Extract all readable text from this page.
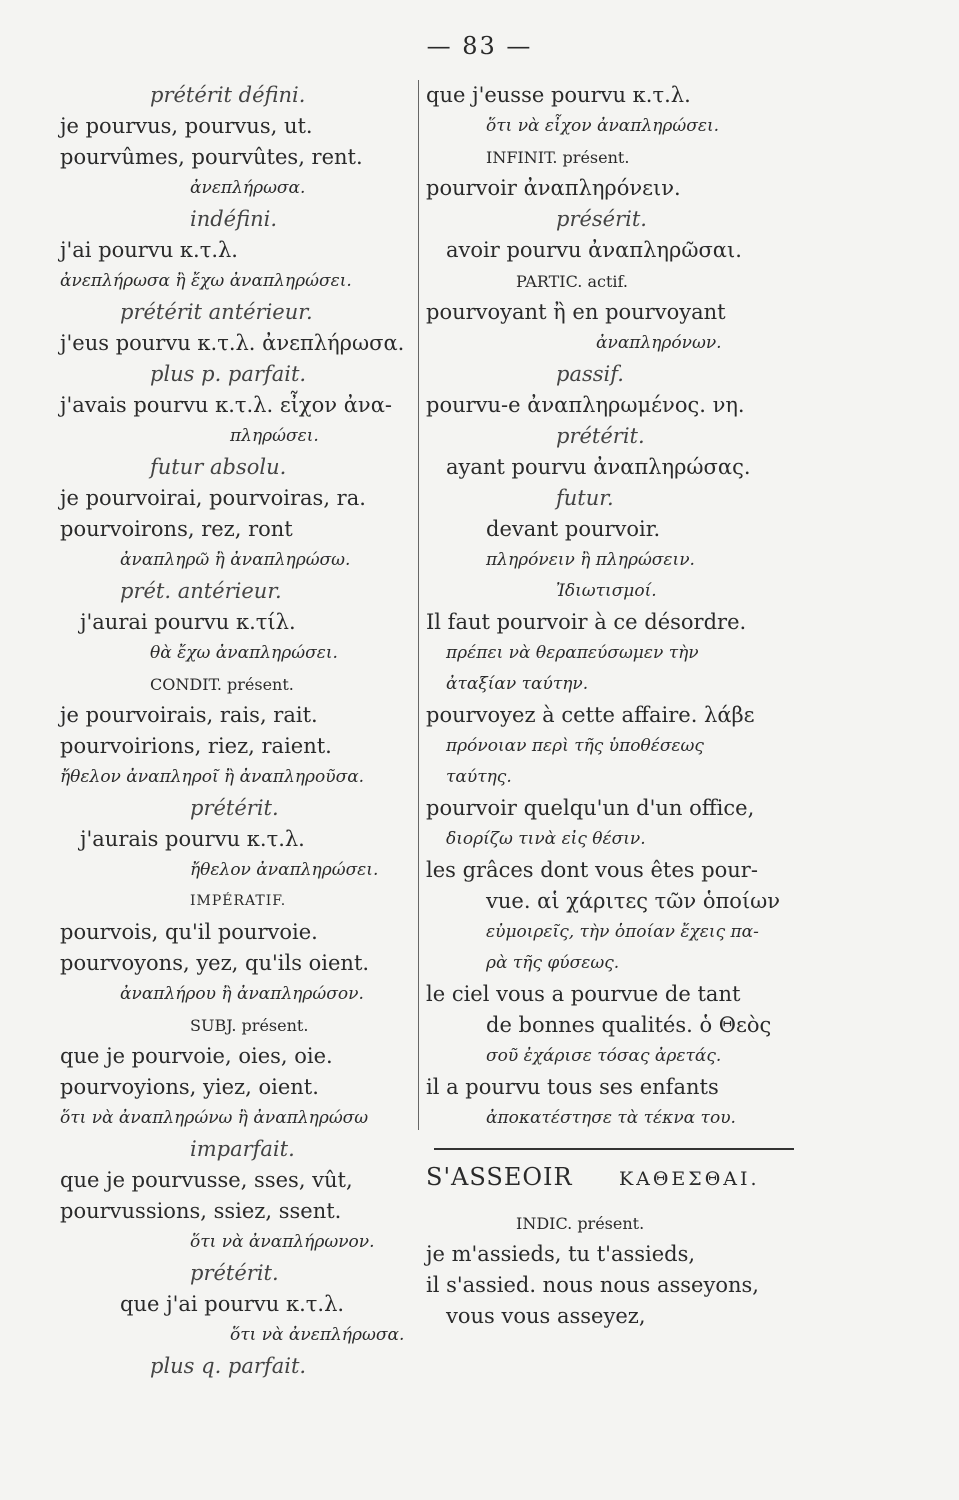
— 83 —
prétérit défini.
je pourvus, pourvus, ut.
pourvûmes, pourvûtes, rent.
ἀνεπλήρωσα.
indéfini.
j'ai pourvu κ.τ.λ.
ἀνεπλήρωσα ἢ ἔχω ἀναπληρώσει.
prétérit antérieur.
j'eus pourvu κ.τ.λ. ἀνεπλήρωσα.
plus p. parfait.
j'avais pourvu κ.τ.λ. εἶχον ἀνα-
πληρώσει.
futur absolu.
je pourvoirai, pourvoiras, ra.
pourvoirons, rez, ront
ἀναπληρῶ ἢ ἀναπληρώσω.
prét. antérieur.
j'aurai pourvu κ.τίλ.
θὰ ἔχω ἀναπληρώσει.
CONDIT. présent.
je pourvoirais, rais, rait.
pourvoirions, riez, raient.
ἤθελον ἀναπληροῖ ἢ ἀναπληροῦσα.
prétérit.
j'aurais pourvu κ.τ.λ.
ἤθελον ἀναπληρώσει.
IMPÉRATIF.
pourvois, qu'il pourvoie.
pourvoyons, yez, qu'ils oient.
ἀναπλήρου ἢ ἀναπληρώσον.
SUBJ. présent.
que je pourvoie, oies, oie.
pourvoyions, yiez, oient.
ὅτι νὰ ἀναπληρώνω ἢ ἀναπληρώσω
imparfait.
que je pourvusse, sses, vût,
pourvussions, ssiez, ssent.
ὅτι νὰ ἀναπλήρωνον.
prétérit.
que j'ai pourvu κ.τ.λ.
ὅτι νὰ ἀνεπλήρωσα.
plus q. parfait.
que j'eusse pourvu κ.τ.λ.
ὅτι νὰ εἶχον ἀναπληρώσει.
INFINIT. présent.
pourvoir ἀναπληρόνειν.
présérit.
avoir pourvu ἀναπληρῶσαι.
PARTIC. actif.
pourvoyant ἢ en pourvoyant
ἀναπληρόνων.
passif.
pourvu-e ἀναπληρωμένος. νη.
prétérit.
ayant pourvu ἀναπληρώσας.
futur.
devant pourvoir.
πληρόνειν ἢ πληρώσειν.
Ἰδιωτισμοί.
Il faut pourvoir à ce désordre.
πρέπει νὰ θεραπεύσωμεν τὴν
ἀταξίαν ταύτην.
pourvoyez à cette affaire. λάβε
πρόνοιαν περὶ τῆς ὑποθέσεως
ταύτης.
pourvoir quelqu'un d'un office,
διορίζω τινὰ εἰς θέσιν.
les grâces dont vous êtes pour-
vue. αἱ χάριτες τῶν ὁποίων
εὐμοιρεῖς, τὴν ὁποίαν ἔχεις πα-
ρὰ τῆς φύσεως.
le ciel vous a pourvue de tant
de bonnes qualités. ὁ Θεὸς
σοῦ ἐχάρισε τόσας ἀρετάς.
il a pourvu tous ses enfants
ἀποκατέστησε τὰ τέκνα του.
S'ASSEOIR ΚΑΘΕΣΘΑΙ.
INDIC. présent.
je m'assieds, tu t'assieds,
il s'assied. nous nous asseyons,
vous vous asseyez,
